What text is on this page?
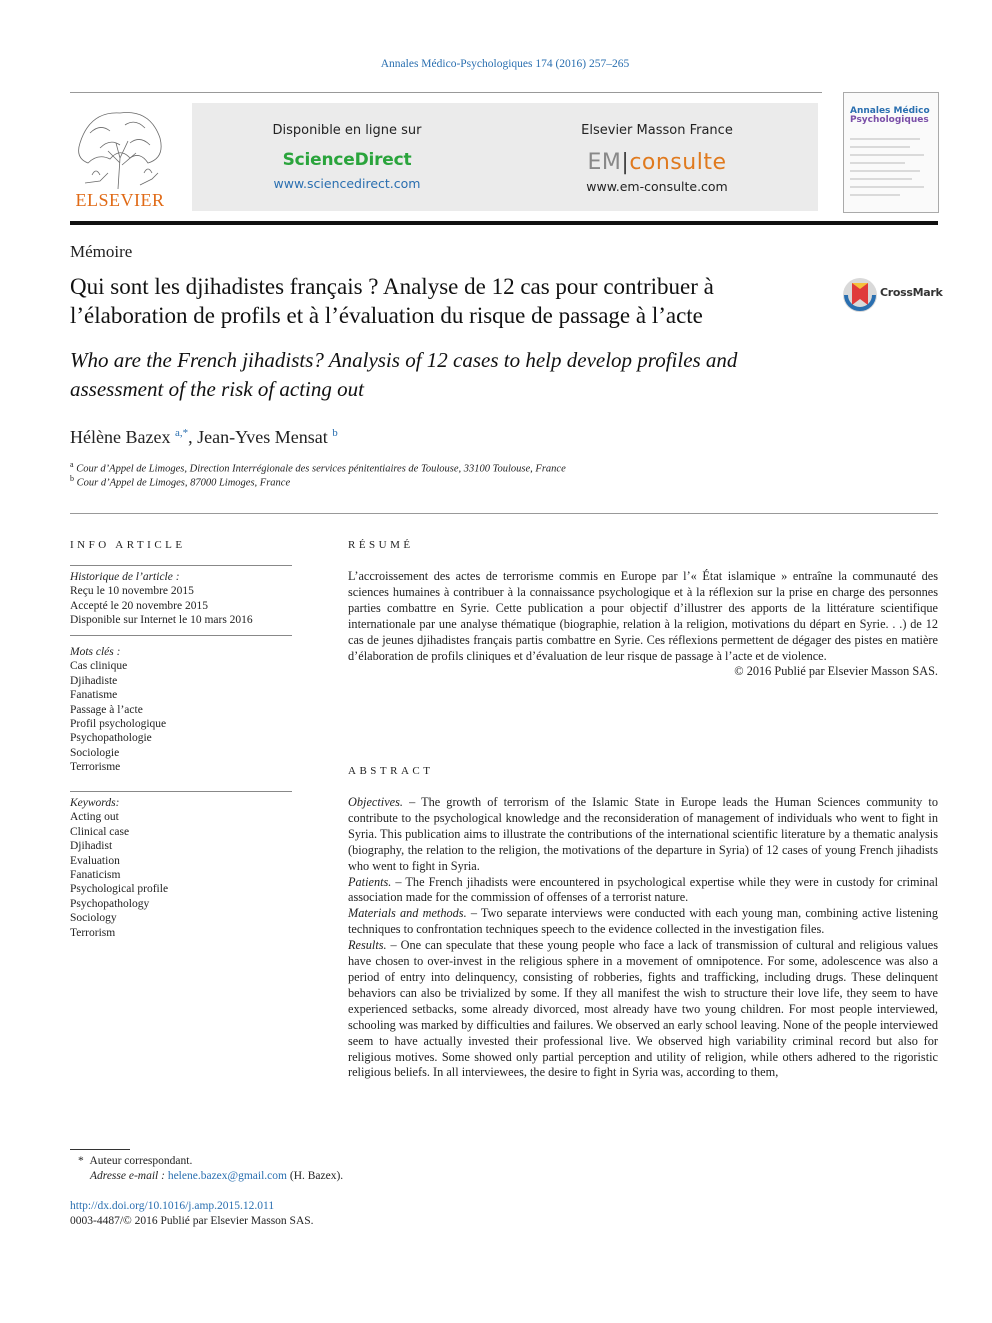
Annales Médico-Psychologiques 174 (2016) 257–265
ELSEVIER
Disponible en ligne sur
ScienceDirect
www.sciencedirect.com
Elsevier Masson France
EM|consulte
www.em-consulte.com
Annales Médico
Psychologiques
Mémoire
Qui sont les djihadistes français ? Analyse de 12 cas pour contribuer à l’élaboration de profils et à l’évaluation du risque de passage à l’acte
CrossMark
Who are the French jihadists? Analysis of 12 cases to help develop profiles and assessment of the risk of acting out
Hélène Bazex $^{a,*}$, Jean-Yves Mensat $^b$
$^a$ Cour d’Appel de Limoges, Direction Interrégionale des services pénitentiaires de Toulouse, 33100 Toulouse, France
$^b$ Cour d’Appel de Limoges, 87000 Limoges, France
INFO ARTICLE
Historique de l’article :
Reçu le 10 novembre 2015
Accepté le 20 novembre 2015
Disponible sur Internet le 10 mars 2016
Mots clés :
Cas clinique
Djihadiste
Fanatisme
Passage à l’acte
Profil psychologique
Psychopathologie
Sociologie
Terrorisme
Keywords:
Acting out
Clinical case
Djihadist
Evaluation
Fanaticism
Psychological profile
Psychopathology
Sociology
Terrorism
RÉSUMÉ
L’accroissement des actes de terrorisme commis en Europe par l’« État islamique » entraîne la communauté des sciences humaines à contribuer à la connaissance psychologique et à la réflexion sur la prise en charge des personnes parties combattre en Syrie. Cette publication a pour objectif d’illustrer des apports de la littérature scientifique internationale par une analyse thématique (biographie, relation à la religion, motivations du départ en Syrie. . .) de 12 cas de jeunes djihadistes français partis combattre en Syrie. Ces réflexions permettent de dégager des pistes en matière d’élaboration de profils cliniques et d’évaluation de leur risque de passage à l’acte et de violence.
© 2016 Publié par Elsevier Masson SAS.
ABSTRACT
Objectives. – The growth of terrorism of the Islamic State in Europe leads the Human Sciences community to contribute to the psychological knowledge and the reconsideration of management of individuals who went to fight in Syria. This publication aims to illustrate the contributions of the international scientific literature by a thematic analysis (biography, the relation to the religion, the motivations of the departure in Syria) of 12 cases of young French jihadists who went to fight in Syria.
Patients. – The French jihadists were encountered in psychological expertise while they were in custody for criminal association made for the commission of offenses of a terrorist nature.
Materials and methods. – Two separate interviews were conducted with each young man, combining active listening techniques to confrontation techniques speech to the evidence collected in the investigation files.
Results. – One can speculate that these young people who face a lack of transmission of cultural and religious values have chosen to over-invest in the religious sphere in a movement of omnipotence. For some, adolescence was also a period of entry into delinquency, consisting of robberies, fights and trafficking, including drugs. These delinquent behaviors can also be trivialized by some. If they all manifest the wish to structure their love life, they seem to have experienced setbacks, some already divorced, most already have two young children. For most people interviewed, schooling was marked by difficulties and failures. We observed an early school leaving. None of the people interviewed seem to have actually invested their professional live. We observed high variability criminal record but also for religious motives. Some showed only partial perception and utility of religion, while others adhered to the rigoristic religious beliefs. In all interviewees, the desire to fight in Syria was, according to them,
* Auteur correspondant.
Adresse e-mail : helene.bazex@gmail.com (H. Bazex).
http://dx.doi.org/10.1016/j.amp.2015.12.011
0003-4487/© 2016 Publié par Elsevier Masson SAS.
